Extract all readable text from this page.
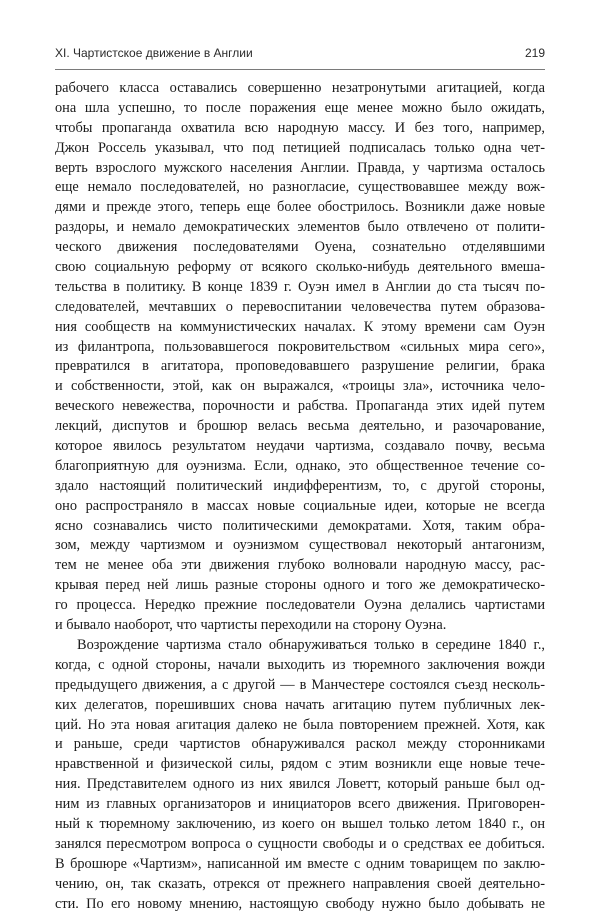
XI. Чартистское движение в Англии	219
рабочего класса оставались совершенно незатронутыми агитацией, когда
она шла успешно, то после поражения еще менее можно было ожидать,
чтобы пропаганда охватила всю народную массу. И без того, например,
Джон Россель указывал, что под петицией подписалась только одна чет-
верть взрослого мужского населения Англии. Правда, у чартизма осталось
еще немало последователей, но разногласие, существовавшее между вож-
дями и прежде этого, теперь еще более обострилось. Возникли даже новые
раздоры, и немало демократических элементов было отвлечено от полити-
ческого движения последователями Оуена, сознательно отделявшими
свою социальную реформу от всякого сколько-нибудь деятельного вмеша-
тельства в политику. В конце 1839 г. Оуэн имел в Англии до ста тысяч по-
следователей, мечтавших о перевоспитании человечества путем образова-
ния сообществ на коммунистических началах. К этому времени сам Оуэн
из филантропа, пользовавшегося покровительством «сильных мира сего»,
превратился в агитатора, проповедовавшего разрушение религии, брака
и собственности, этой, как он выражался, «троицы зла», источника чело-
веческого невежества, порочности и рабства. Пропаганда этих идей путем
лекций, диспутов и брошюр велась весьма деятельно, и разочарование,
которое явилось результатом неудачи чартизма, создавало почву, весьма
благоприятную для оуэнизма. Если, однако, это общественное течение со-
здало настоящий политический индифферентизм, то, с другой стороны,
оно распространяло в массах новые социальные идеи, которые не всегда
ясно сознавались чисто политическими демократами. Хотя, таким обра-
зом, между чартизмом и оуэнизмом существовал некоторый антагонизм,
тем не менее оба эти движения глубоко волновали народную массу, рас-
крывая перед ней лишь разные стороны одного и того же демократическо-
го процесса. Нередко прежние последователи Оуэна делались чартистами
и бывало наоборот, что чартисты переходили на сторону Оуэна.
Возрождение чартизма стало обнаруживаться только в середине 1840 г.,
когда, с одной стороны, начали выходить из тюремного заключения вожди
предыдущего движения, а с другой — в Манчестере состоялся съезд несколь-
ких делегатов, порешивших снова начать агитацию путем публичных лек-
ций. Но эта новая агитация далеко не была повторением прежней. Хотя, как
и раньше, среди чартистов обнаруживался раскол между сторонниками
нравственной и физической силы, рядом с этим возникли еще новые тече-
ния. Представителем одного из них явился Ловетт, который раньше был од-
ним из главных организаторов и инициаторов всего движения. Приговорен-
ный к тюремному заключению, из коего он вышел только летом 1840 г., он
занялся пересмотром вопроса о сущности свободы и о средствах ее добиться.
В брошюре «Чартизм», написанной им вместе с одним товарищем по заклю-
чению, он, так сказать, отрекся от прежнего направления своей деятельно-
сти. По его новому мнению, настоящую свободу нужно было добывать не
